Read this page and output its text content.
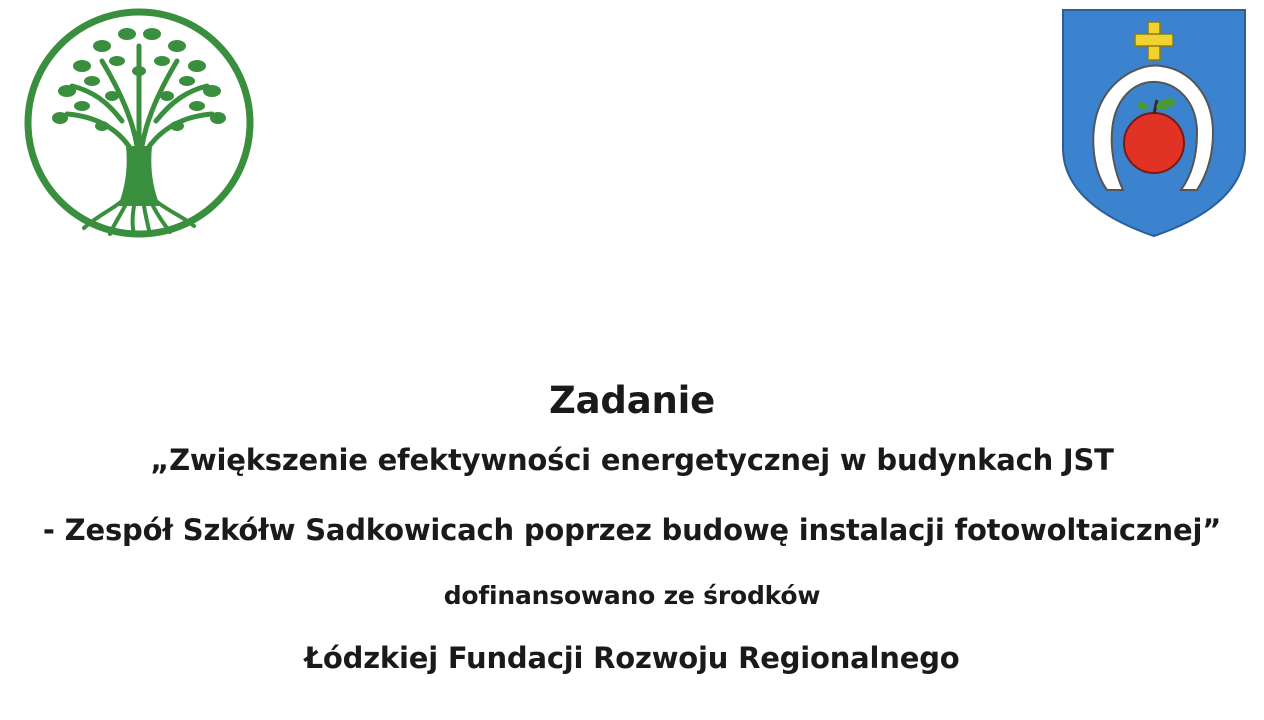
Zadanie
„Zwiększenie efektywności energetycznej w budynkach JST
- Zespół Szkółw Sadkowicach poprzez budowę instalacji fotowoltaicznej”
dofinansowano ze środków
Łódzkiej Fundacji Rozwoju Regionalnego
